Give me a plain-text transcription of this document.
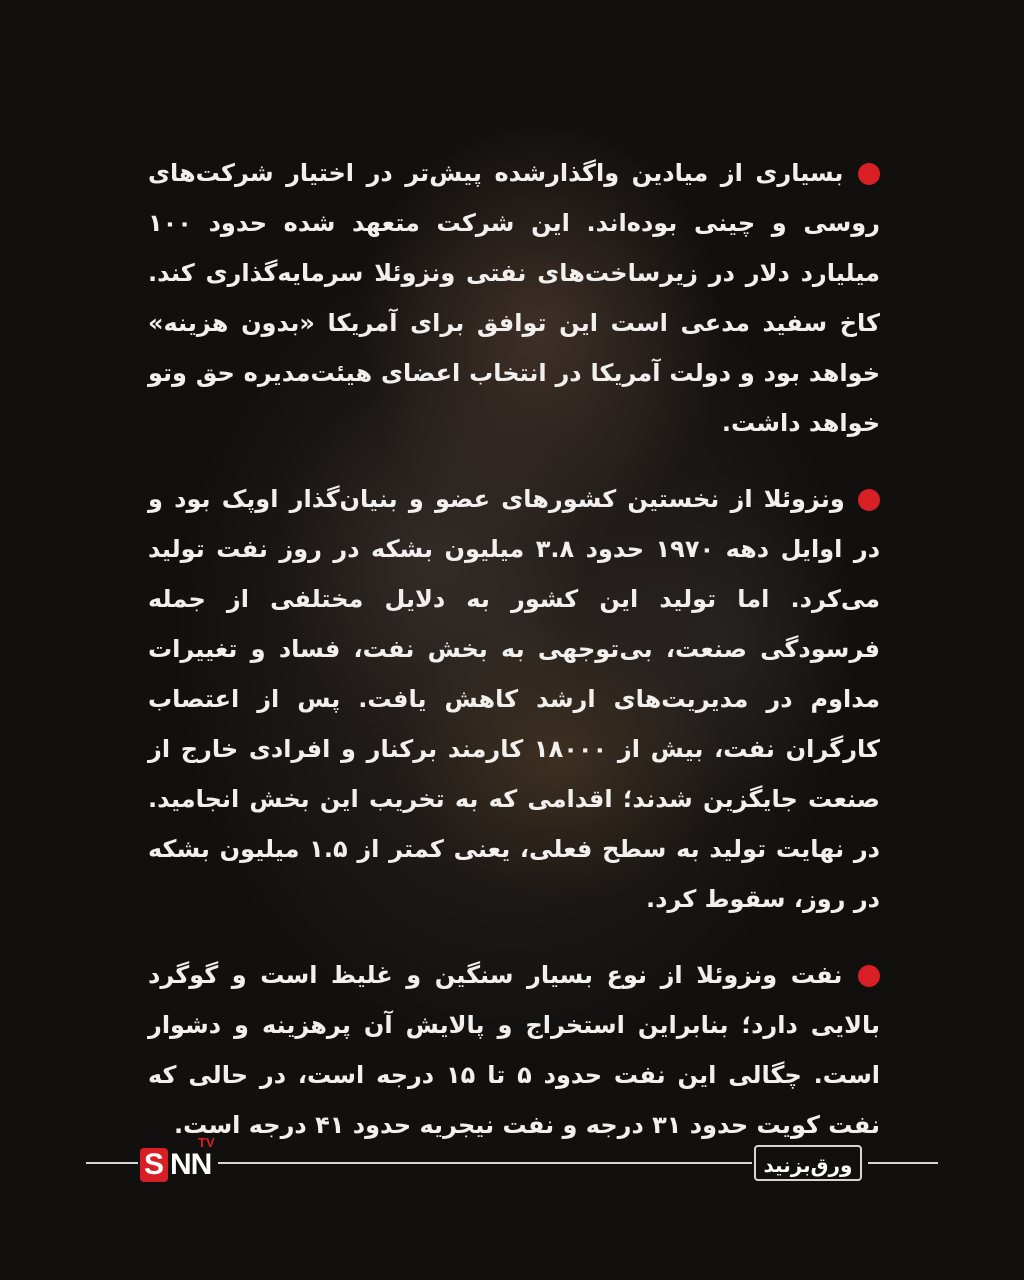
بسیاری از میادین واگذارشده پیش‌تر در اختیار شرکت‌های روسی و چینی بوده‌اند. این شرکت متعهد شده حدود ۱۰۰ میلیارد دلار در زیرساخت‌های نفتی ونزوئلا سرمایه‌گذاری کند. کاخ سفید مدعی است این توافق برای آمریکا «بدون هزینه» خواهد بود و دولت آمریکا در انتخاب اعضای هیئت‌مدیره حق وتو خواهد داشت.

ونزوئلا از نخستین کشورهای عضو و بنیان‌گذار اوپک بود و در اوایل دهه ۱۹۷۰ حدود ۳.۸ میلیون بشکه در روز نفت تولید می‌کرد. اما تولید این کشور به دلایل مختلفی از جمله فرسودگی صنعت، بی‌توجهی به بخش نفت، فساد و تغییرات مداوم در مدیریت‌های ارشد کاهش یافت. پس از اعتصاب کارگران نفت، بیش از ۱۸۰۰۰ کارمند برکنار و افرادی خارج از صنعت جایگزین شدند؛ اقدامی که به تخریب این بخش انجامید. در نهایت تولید به سطح فعلی، یعنی کمتر از ۱.۵ میلیون بشکه در روز، سقوط کرد.

نفت ونزوئلا از نوع بسیار سنگین و غلیظ است و گوگرد بالایی دارد؛ بنابراین استخراج و پالایش آن پرهزینه و دشوار است. چگالی این نفت حدود ۵ تا ۱۵ درجه است، در حالی که نفت کویت حدود ۳۱ درجه و نفت نیجریه حدود ۴۱ درجه است.

S NN
TV
ورق‌بزنید
